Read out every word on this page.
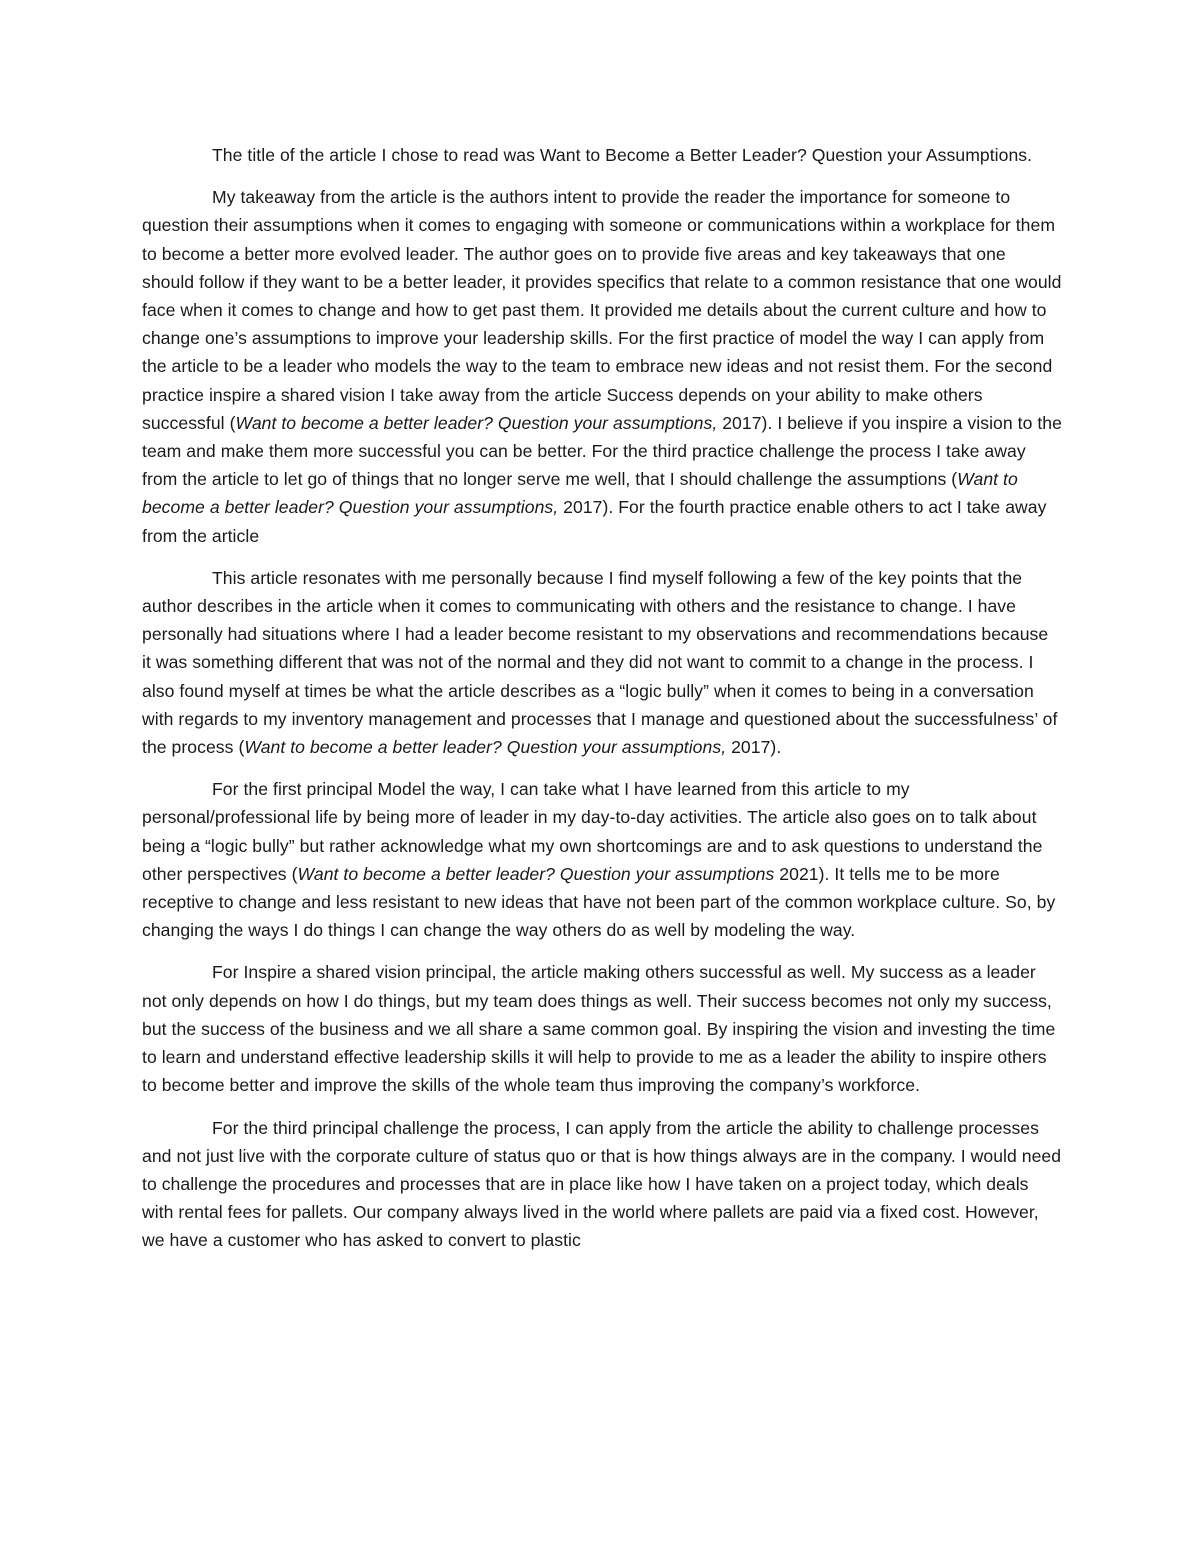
The title of the article I chose to read was Want to Become a Better Leader? Question your Assumptions.

My takeaway from the article is the authors intent to provide the reader the importance for someone to question their assumptions when it comes to engaging with someone or communications within a workplace for them to become a better more evolved leader. The author goes on to provide five areas and key takeaways that one should follow if they want to be a better leader, it provides specifics that relate to a common resistance that one would face when it comes to change and how to get past them. It provided me details about the current culture and how to change one’s assumptions to improve your leadership skills. For the first practice of model the way I can apply from the article to be a leader who models the way to the team to embrace new ideas and not resist them. For the second practice inspire a shared vision I take away from the article Success depends on your ability to make others successful (Want to become a better leader? Question your assumptions, 2017). I believe if you inspire a vision to the team and make them more successful you can be better. For the third practice challenge the process I take away from the article to let go of things that no longer serve me well, that I should challenge the assumptions (Want to become a better leader? Question your assumptions, 2017). For the fourth practice enable others to act I take away from the article

This article resonates with me personally because I find myself following a few of the key points that the author describes in the article when it comes to communicating with others and the resistance to change. I have personally had situations where I had a leader become resistant to my observations and recommendations because it was something different that was not of the normal and they did not want to commit to a change in the process. I also found myself at times be what the article describes as a “logic bully” when it comes to being in a conversation with regards to my inventory management and processes that I manage and questioned about the successfulness’ of the process (Want to become a better leader? Question your assumptions, 2017).

For the first principal Model the way, I can take what I have learned from this article to my personal/professional life by being more of leader in my day-to-day activities. The article also goes on to talk about being a “logic bully” but rather acknowledge what my own shortcomings are and to ask questions to understand the other perspectives (Want to become a better leader? Question your assumptions 2021). It tells me to be more receptive to change and less resistant to new ideas that have not been part of the common workplace culture. So, by changing the ways I do things I can change the way others do as well by modeling the way.

For Inspire a shared vision principal, the article making others successful as well. My success as a leader not only depends on how I do things, but my team does things as well. Their success becomes not only my success, but the success of the business and we all share a same common goal. By inspiring the vision and investing the time to learn and understand effective leadership skills it will help to provide to me as a leader the ability to inspire others to become better and improve the skills of the whole team thus improving the company’s workforce.

For the third principal challenge the process, I can apply from the article the ability to challenge processes and not just live with the corporate culture of status quo or that is how things always are in the company. I would need to challenge the procedures and processes that are in place like how I have taken on a project today, which deals with rental fees for pallets. Our company always lived in the world where pallets are paid via a fixed cost. However, we have a customer who has asked to convert to plastic
